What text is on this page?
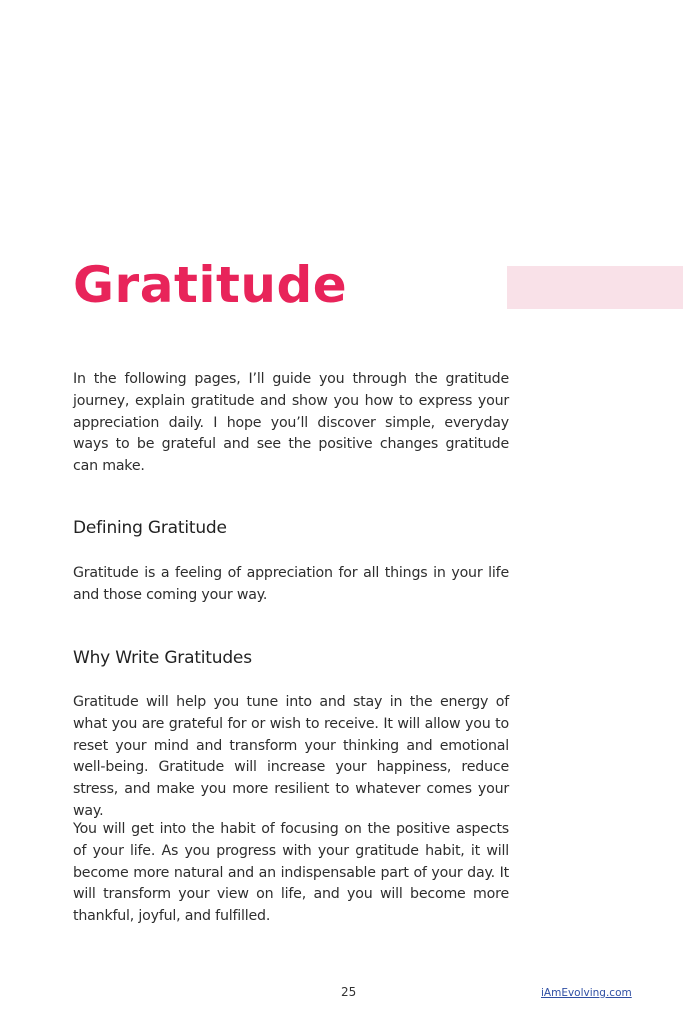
Gratitude

In the following pages, I’ll guide you through the gratitude journey, explain gratitude and show you how to express your appreciation daily. I hope you’ll discover simple, everyday ways to be grateful and see the positive changes gratitude can make.

Defining Gratitude

Gratitude is a feeling of appreciation for all things in your life and those coming your way.

Why Write Gratitudes

Gratitude will help you tune into and stay in the energy of what you are grateful for or wish to receive. It will allow you to reset your mind and transform your thinking and emotional well-being. Gratitude will increase your happiness, reduce stress, and make you more resilient to whatever comes your way.

You will get into the habit of focusing on the positive aspects of your life. As you progress with your gratitude habit, it will become more natural and an indispensable part of your day. It will transform your view on life, and you will become more thankful, joyful, and fulfilled.

25	iAmEvolving.com
